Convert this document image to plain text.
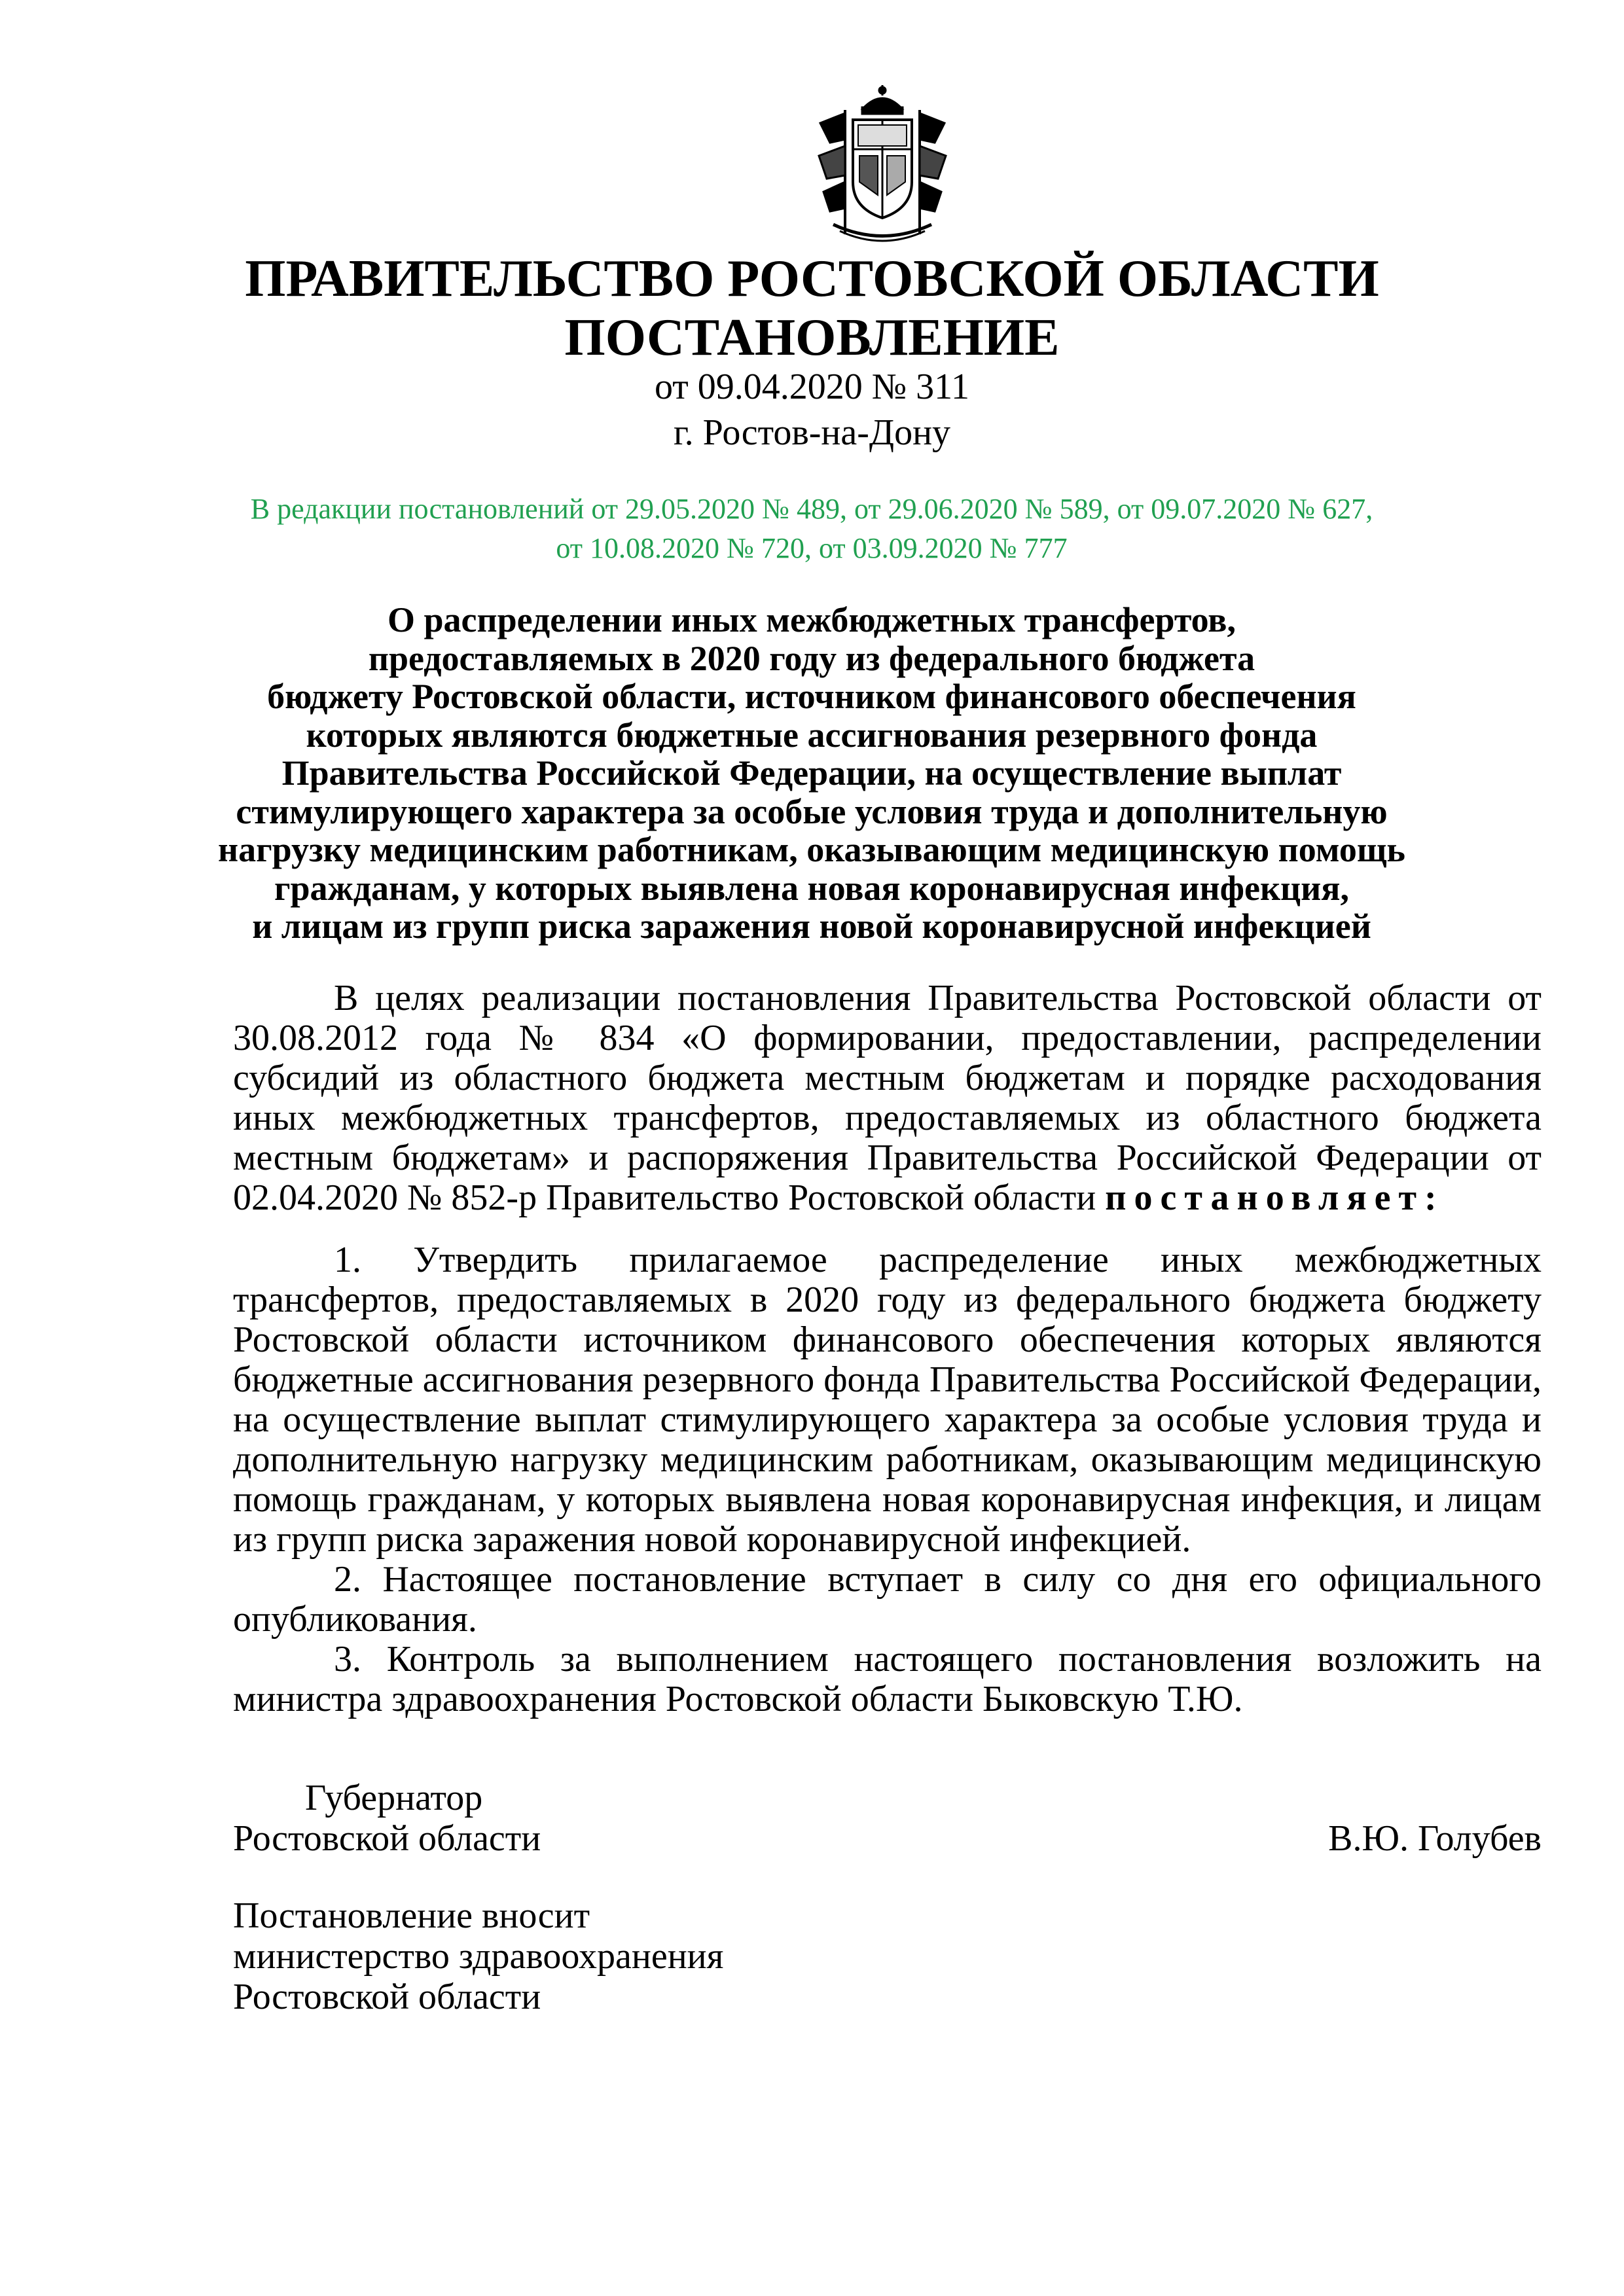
ПРАВИТЕЛЬСТВО РОСТОВСКОЙ ОБЛАСТИ
ПОСТАНОВЛЕНИЕ
от 09.04.2020 № 311
г. Ростов-на-Дону
В редакции постановлений от 29.05.2020 № 489, от 29.06.2020 № 589, от 09.07.2020 № 627,
от 10.08.2020 № 720, от 03.09.2020 № 777
О распределении иных межбюджетных трансфертов,
предоставляемых в 2020 году из федерального бюджета
бюджету Ростовской области, источником финансового обеспечения
которых являются бюджетные ассигнования резервного фонда
Правительства Российской Федерации, на осуществление выплат
стимулирующего характера за особые условия труда и дополнительную
нагрузку медицинским работникам, оказывающим медицинскую помощь
гражданам, у которых выявлена новая коронавирусная инфекция,
и лицам из групп риска заражения новой коронавирусной инфекцией

В целях реализации постановления Правительства Ростовской области от 30.08.2012 года № 834 «О формировании, предоставлении, распределении субсидий из областного бюджета местным бюджетам и порядке расходования иных межбюджетных трансфертов, предоставляемых из областного бюджета местным бюджетам» и распоряжения Правительства Российской Федерации от 02.04.2020 № 852-р Правительство Ростовской области постановляет:

1. Утвердить прилагаемое распределение иных межбюджетных трансфертов, предоставляемых в 2020 году из федерального бюджета бюджету Ростовской области источником финансового обеспечения которых являются бюджетные ассигнования резервного фонда Правительства Российской Федерации, на осуществление выплат стимулирующего характера за особые условия труда и дополнительную нагрузку медицинским работникам, оказывающим медицинскую помощь гражданам, у которых выявлена новая коронавирусная инфекция, и лицам из групп риска заражения новой коронавирусной инфекцией.

2. Настоящее постановление вступает в силу со дня его официального опубликования.

3. Контроль за выполнением настоящего постановления возложить на министра здравоохранения Ростовской области Быковскую Т.Ю.

Губернатор
Ростовской области	В.Ю. Голубев
Постановление вносит
министерство здравоохранения
Ростовской области
